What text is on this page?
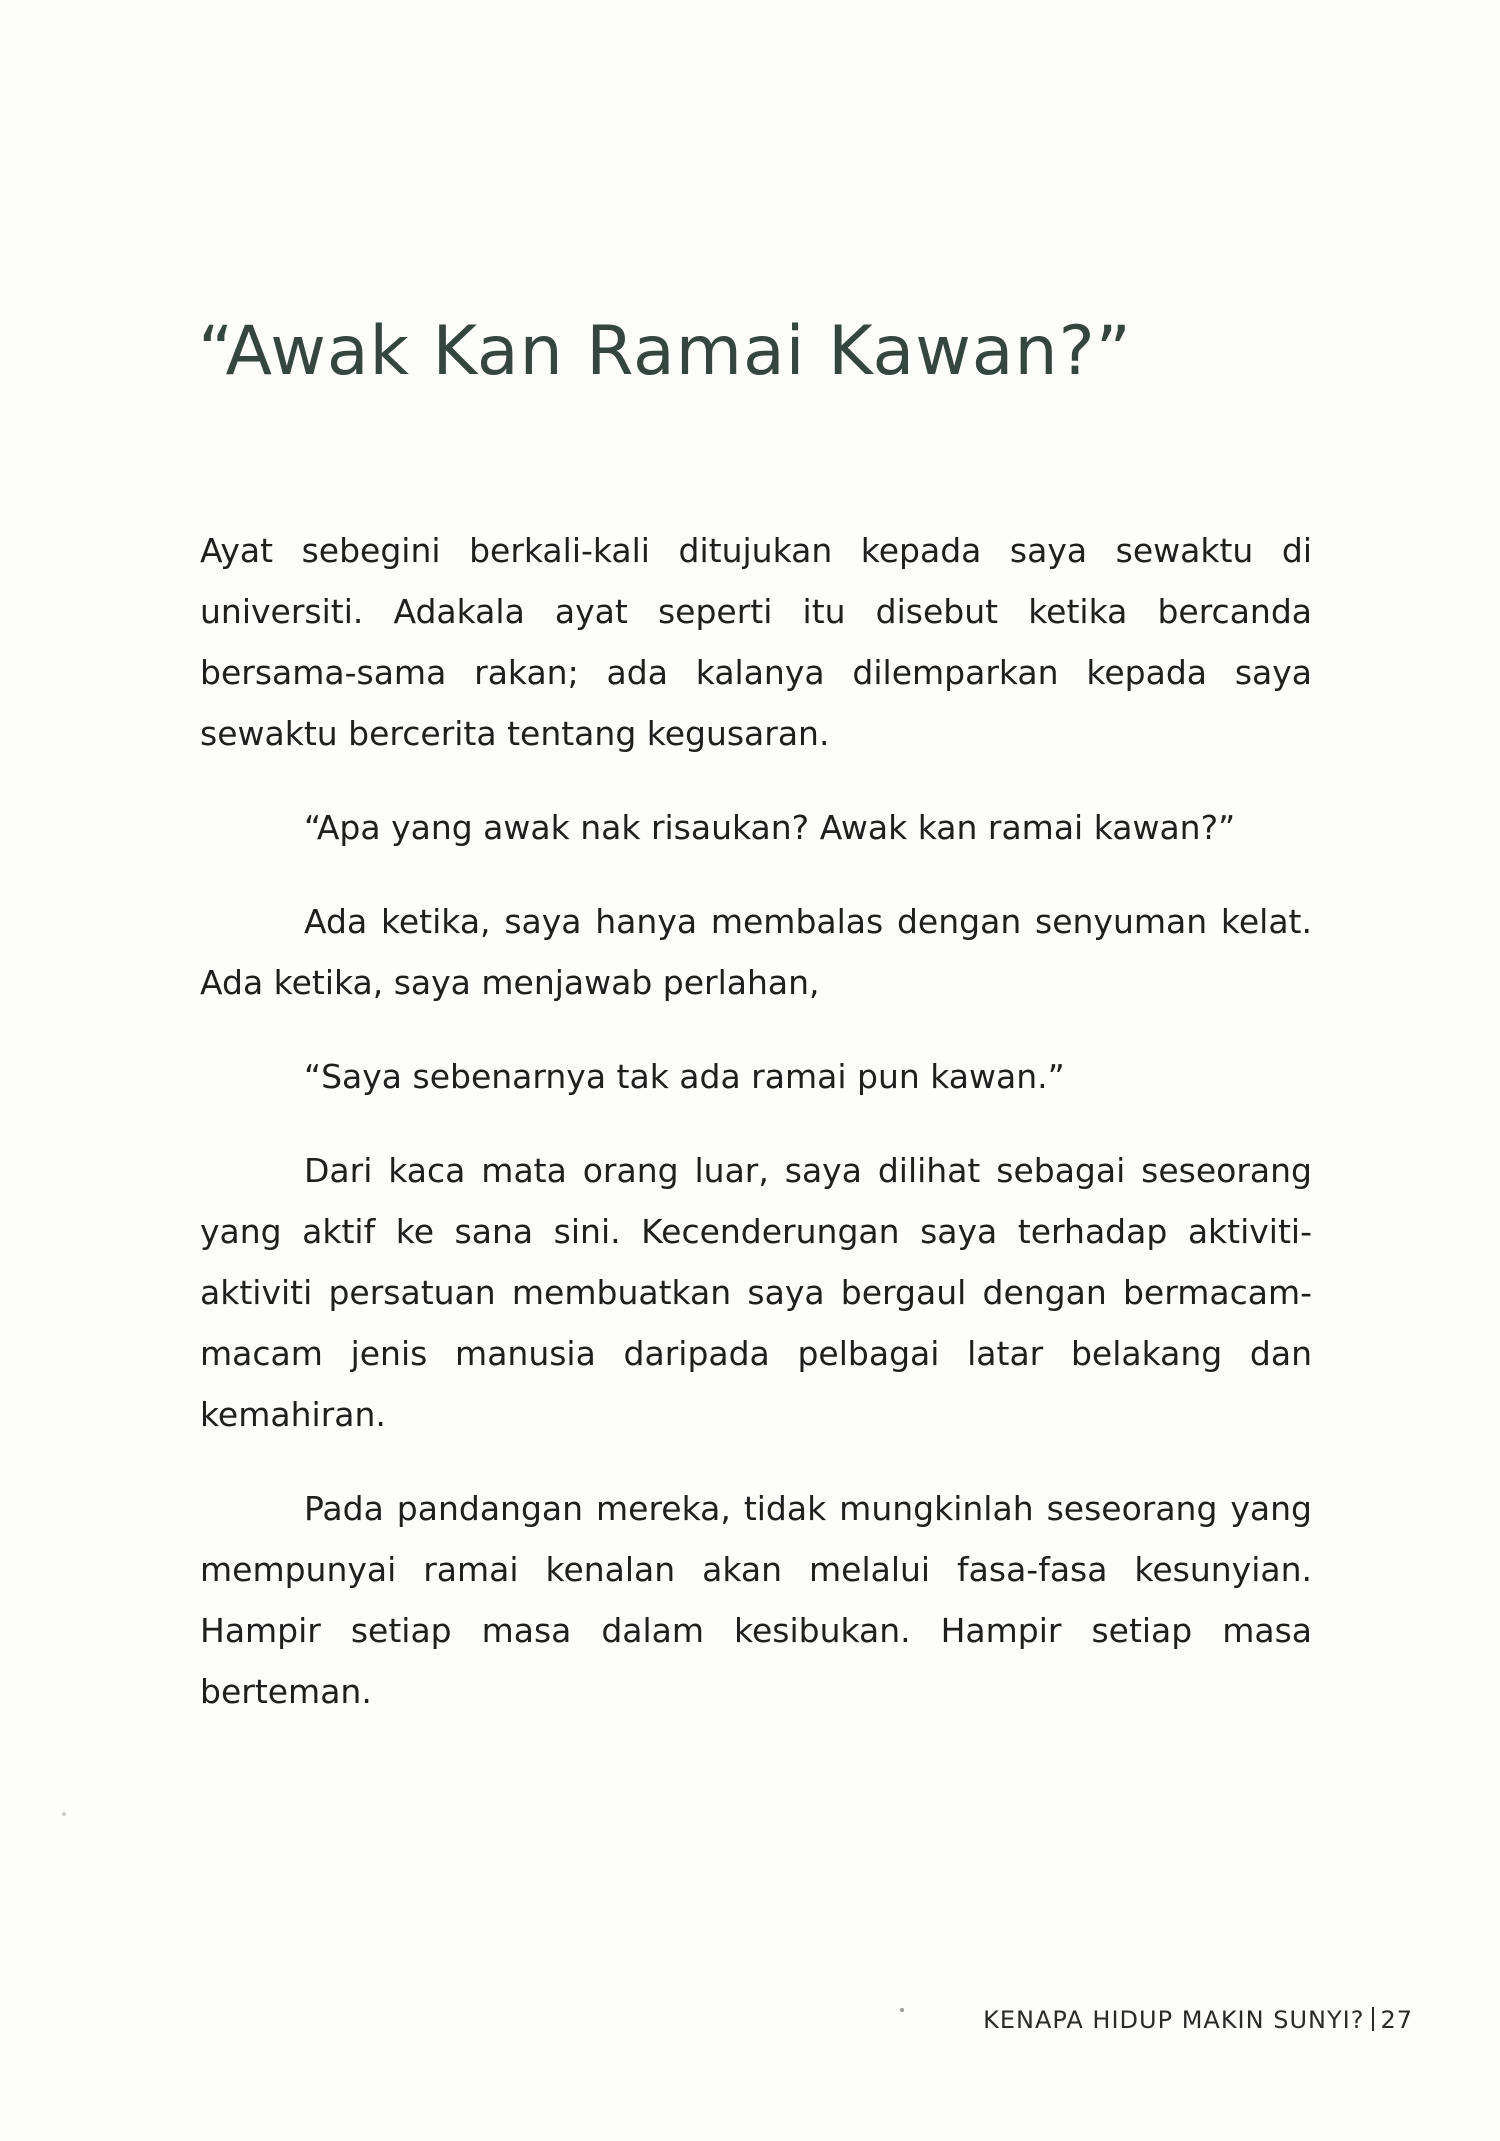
“Awak Kan Ramai Kawan?”

Ayat sebegini berkali-kali ditujukan kepada saya sewaktu di universiti. Adakala ayat seperti itu disebut ketika bercanda bersama-sama rakan; ada kalanya dilemparkan kepada saya sewaktu bercerita tentang kegusaran.

“Apa yang awak nak risaukan? Awak kan ramai kawan?”

Ada ketika, saya hanya membalas dengan senyuman kelat. Ada ketika, saya menjawab perlahan,

“Saya sebenarnya tak ada ramai pun kawan.”

Dari kaca mata orang luar, saya dilihat sebagai seseorang yang aktif ke sana sini. Kecenderungan saya terhadap aktiviti-aktiviti persatuan membuatkan saya bergaul dengan bermacam-macam jenis manusia daripada pelbagai latar belakang dan kemahiran.

Pada pandangan mereka, tidak mungkinlah seseorang yang mempunyai ramai kenalan akan melalui fasa-fasa kesunyian. Hampir setiap masa dalam kesibukan. Hampir setiap masa berteman.

KENAPA HIDUP MAKIN SUNYI? 27
